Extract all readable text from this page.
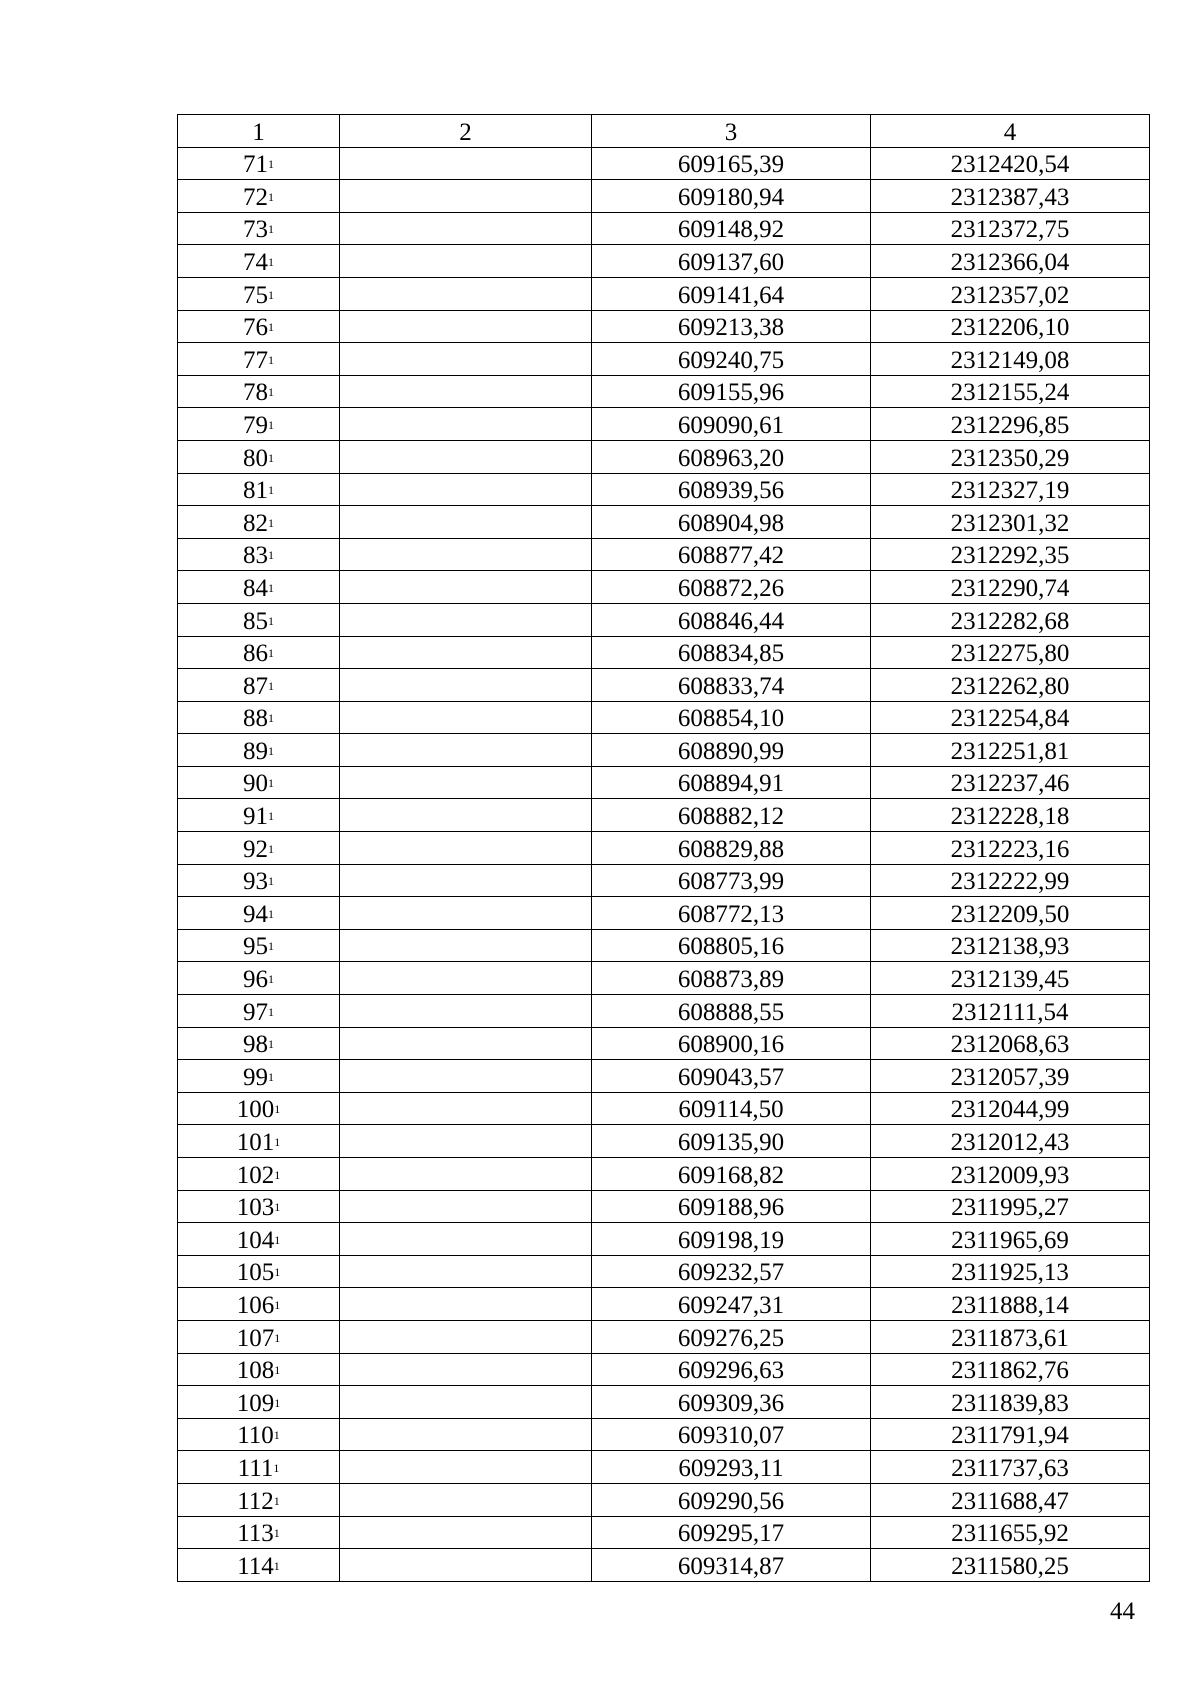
1	2	3	4
$71^1$		609165,39	2312420,54
$72^1$		609180,94	2312387,43
$73^1$		609148,92	2312372,75
$74^1$		609137,60	2312366,04
$75^1$		609141,64	2312357,02
$76^1$		609213,38	2312206,10
$77^1$		609240,75	2312149,08
$78^1$		609155,96	2312155,24
$79^1$		609090,61	2312296,85
$80^1$		608963,20	2312350,29
$81^1$		608939,56	2312327,19
$82^1$		608904,98	2312301,32
$83^1$		608877,42	2312292,35
$84^1$		608872,26	2312290,74
$85^1$		608846,44	2312282,68
$86^1$		608834,85	2312275,80
$87^1$		608833,74	2312262,80
$88^1$		608854,10	2312254,84
$89^1$		608890,99	2312251,81
$90^1$		608894,91	2312237,46
$91^1$		608882,12	2312228,18
$92^1$		608829,88	2312223,16
$93^1$		608773,99	2312222,99
$94^1$		608772,13	2312209,50
$95^1$		608805,16	2312138,93
$96^1$		608873,89	2312139,45
$97^1$		608888,55	2312111,54
$98^1$		608900,16	2312068,63
$99^1$		609043,57	2312057,39
$100^1$		609114,50	2312044,99
$101^1$		609135,90	2312012,43
$102^1$		609168,82	2312009,93
$103^1$		609188,96	2311995,27
$104^1$		609198,19	2311965,69
$105^1$		609232,57	2311925,13
$106^1$		609247,31	2311888,14
$107^1$		609276,25	2311873,61
$108^1$		609296,63	2311862,76
$109^1$		609309,36	2311839,83
$110^1$		609310,07	2311791,94
$111^1$		609293,11	2311737,63
$112^1$		609290,56	2311688,47
$113^1$		609295,17	2311655,92
$114^1$		609314,87	2311580,25
44
